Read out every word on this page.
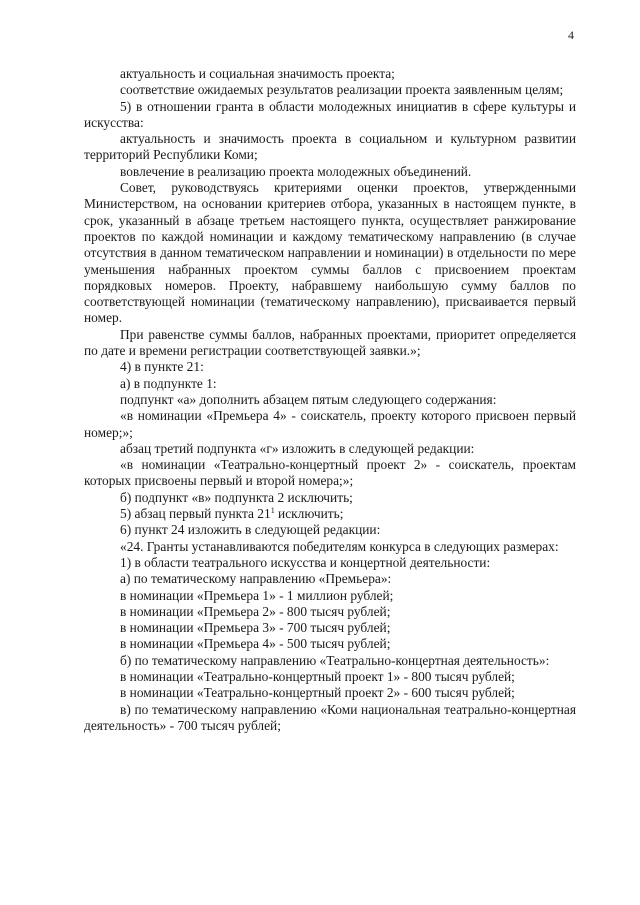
4

актуальность и социальная значимость проекта;

соответствие ожидаемых результатов реализации проекта заявленным целям;

5) в отношении гранта в области молодежных инициатив в сфере культуры и искусства:

актуальность и значимость проекта в социальном и культурном развитии территорий Республики Коми;

вовлечение в реализацию проекта молодежных объединений.

Совет, руководствуясь критериями оценки проектов, утвержденными Министерством, на основании критериев отбора, указанных в настоящем пункте, в срок, указанный в абзаце третьем настоящего пункта, осуществляет ранжирование проектов по каждой номинации и каждому тематическому направлению (в случае отсутствия в данном тематическом направлении и номинации) в отдельности по мере уменьшения набранных проектом суммы баллов с присвоением проектам порядковых номеров. Проекту, набравшему наибольшую сумму баллов по соответствующей номинации (тематическому направлению), присваивается первый номер.

При равенстве суммы баллов, набранных проектами, приоритет определяется по дате и времени регистрации соответствующей заявки.»;

4) в пункте 21:

а) в подпункте 1:

подпункт «а» дополнить абзацем пятым следующего содержания:

«в номинации «Премьера 4» - соискатель, проекту которого присвоен первый номер;»;

абзац третий подпункта «г» изложить в следующей редакции:

«в номинации «Театрально-концертный проект 2» - соискатель, проектам которых присвоены первый и второй номера;»;

б) подпункт «в» подпункта 2 исключить;

5) абзац первый пункта $21^1$ исключить;

6) пункт 24 изложить в следующей редакции:

«24. Гранты устанавливаются победителям конкурса в следующих размерах:

1) в области театрального искусства и концертной деятельности:

а) по тематическому направлению «Премьера»:

в номинации «Премьера 1» - 1 миллион рублей;

в номинации «Премьера 2» - 800 тысяч рублей;

в номинации «Премьера 3» - 700 тысяч рублей;

в номинации «Премьера 4» - 500 тысяч рублей;

б) по тематическому направлению «Театрально-концертная деятельность»:

в номинации «Театрально-концертный проект 1» - 800 тысяч рублей;

в номинации «Театрально-концертный проект 2» - 600 тысяч рублей;

в) по тематическому направлению «Коми национальная театрально-концертная деятельность» - 700 тысяч рублей;
